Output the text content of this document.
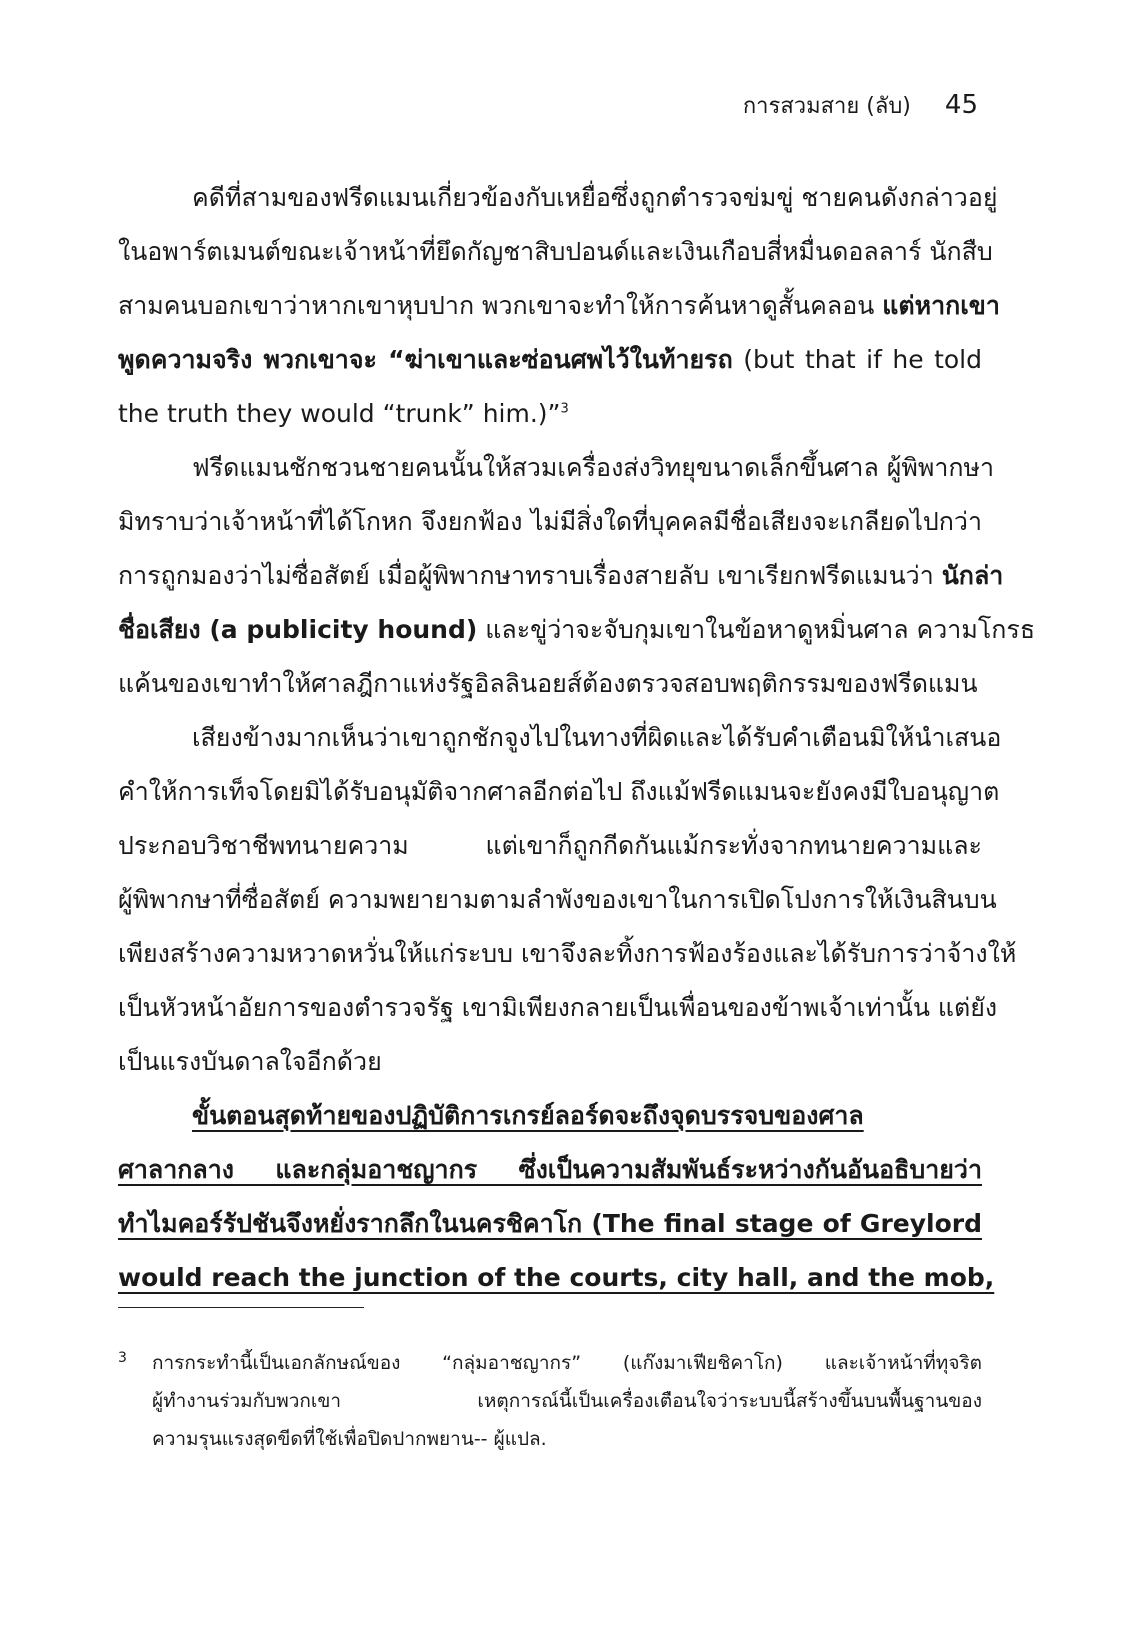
การสวมสาย (ลับ) 45
คดีที่สามของฟรีดแมนเกี่ยวข้องกับเหยื่อซึ่งถูกตำรวจข่มขู่ ชายคนดังกล่าวอยู่
ในอพาร์ตเมนต์ขณะเจ้าหน้าที่ยึดกัญชาสิบปอนด์และเงินเกือบสี่หมื่นดอลลาร์ นักสืบ
สามคนบอกเขาว่าหากเขาหุบปาก พวกเขาจะทำให้การค้นหาดูสั้นคลอน แต่หากเขา
พูดความจริง พวกเขาจะ “ฆ่าเขาและซ่อนศพไว้ในท้ายรถ (but that if he told
the truth they would “trunk” him.)”$^3$
ฟรีดแมนชักชวนชายคนนั้นให้สวมเครื่องส่งวิทยุขนาดเล็กขึ้นศาล ผู้พิพากษา
มิทราบว่าเจ้าหน้าที่ได้โกหก จึงยกฟ้อง ไม่มีสิ่งใดที่บุคคลมีชื่อเสียงจะเกลียดไปกว่า
การถูกมองว่าไม่ซื่อสัตย์ เมื่อผู้พิพากษาทราบเรื่องสายลับ เขาเรียกฟรีดแมนว่า นักล่า
ชื่อเสียง (a publicity hound) และขู่ว่าจะจับกุมเขาในข้อหาดูหมิ่นศาล ความโกรธ
แค้นของเขาทำให้ศาลฎีกาแห่งรัฐอิลลินอยส์ต้องตรวจสอบพฤติกรรมของฟรีดแมน
เสียงข้างมากเห็นว่าเขาถูกชักจูงไปในทางที่ผิดและได้รับคำเตือนมิให้นำเสนอ
คำให้การเท็จโดยมิได้รับอนุมัติจากศาลอีกต่อไป ถึงแม้ฟรีดแมนจะยังคงมีใบอนุญาต
ประกอบวิชาชีพทนายความ แต่เขาก็ถูกกีดกันแม้กระทั่งจากทนายความและ
ผู้พิพากษาที่ซื่อสัตย์ ความพยายามตามลำพังของเขาในการเปิดโปงการให้เงินสินบน
เพียงสร้างความหวาดหวั่นให้แก่ระบบ เขาจึงละทิ้งการฟ้องร้องและได้รับการว่าจ้างให้
เป็นหัวหน้าอัยการของตำรวจรัฐ เขามิเพียงกลายเป็นเพื่อนของข้าพเจ้าเท่านั้น แต่ยัง
เป็นแรงบันดาลใจอีกด้วย
ขั้นตอนสุดท้ายของปฏิบัติการเกรย์ลอร์ดจะถึงจุดบรรจบของศาล
ศาลากลาง และกลุ่มอาชญากร ซึ่งเป็นความสัมพันธ์ระหว่างกันอันอธิบายว่า
ทำไมคอร์รัปชันจึงหยั่งรากลึกในนครชิคาโก (The final stage of Greylord
would reach the junction of the courts, city hall, and the mob,
3 การกระทำนี้เป็นเอกลักษณ์ของ “กลุ่มอาชญากร” (แก๊งมาเฟียชิคาโก) และเจ้าหน้าที่ทุจริต
ผู้ทำงานร่วมกับพวกเขา เหตุการณ์นี้เป็นเครื่องเตือนใจว่าระบบนี้สร้างขึ้นบนพื้นฐานของ
ความรุนแรงสุดขีดที่ใช้เพื่อปิดปากพยาน-- ผู้แปล.
